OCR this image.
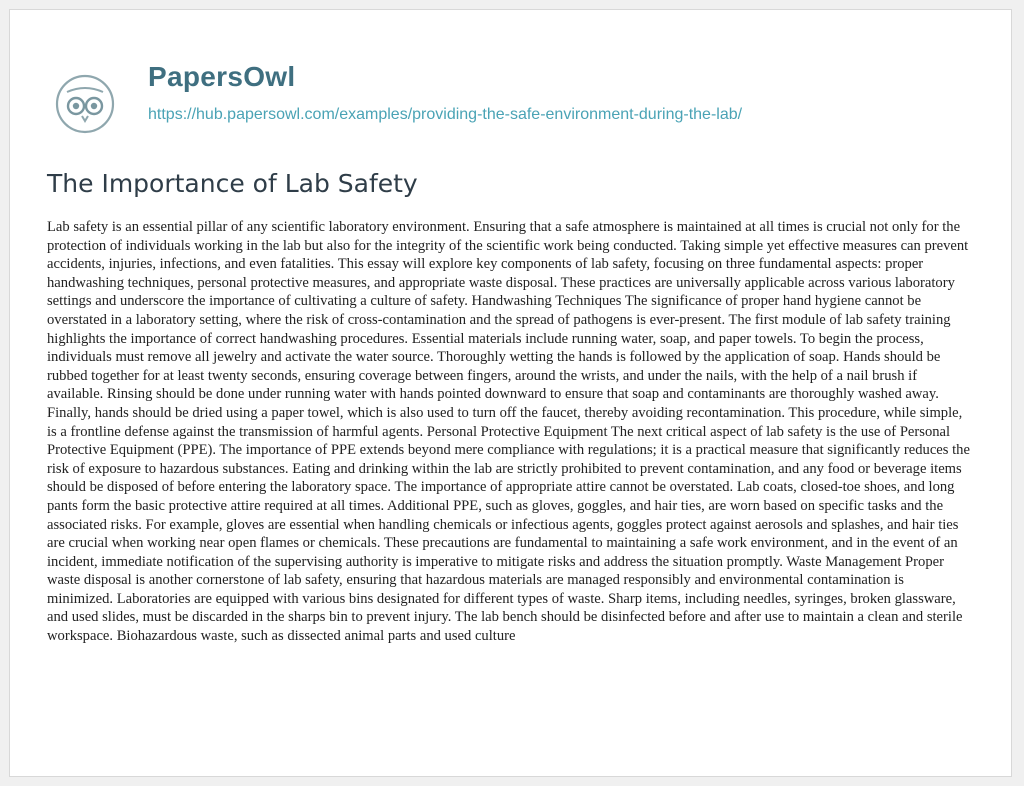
PapersOwl
https://hub.papersowl.com/examples/providing-the-safe-environment-during-the-lab/
The Importance of Lab Safety

Lab safety is an essential pillar of any scientific laboratory environment. Ensuring that a safe atmosphere is maintained at all times is crucial not only for the protection of individuals working in the lab but also for the integrity of the scientific work being conducted. Taking simple yet effective measures can prevent accidents, injuries, infections, and even fatalities. This essay will explore key components of lab safety, focusing on three fundamental aspects: proper handwashing techniques, personal protective measures, and appropriate waste disposal. These practices are universally applicable across various laboratory settings and underscore the importance of cultivating a culture of safety. Handwashing Techniques The significance of proper hand hygiene cannot be overstated in a laboratory setting, where the risk of cross-contamination and the spread of pathogens is ever-present. The first module of lab safety training highlights the importance of correct handwashing procedures. Essential materials include running water, soap, and paper towels. To begin the process, individuals must remove all jewelry and activate the water source. Thoroughly wetting the hands is followed by the application of soap. Hands should be rubbed together for at least twenty seconds, ensuring coverage between fingers, around the wrists, and under the nails, with the help of a nail brush if available. Rinsing should be done under running water with hands pointed downward to ensure that soap and contaminants are thoroughly washed away. Finally, hands should be dried using a paper towel, which is also used to turn off the faucet, thereby avoiding recontamination. This procedure, while simple, is a frontline defense against the transmission of harmful agents. Personal Protective Equipment The next critical aspect of lab safety is the use of Personal Protective Equipment (PPE). The importance of PPE extends beyond mere compliance with regulations; it is a practical measure that significantly reduces the risk of exposure to hazardous substances. Eating and drinking within the lab are strictly prohibited to prevent contamination, and any food or beverage items should be disposed of before entering the laboratory space. The importance of appropriate attire cannot be overstated. Lab coats, closed-toe shoes, and long pants form the basic protective attire required at all times. Additional PPE, such as gloves, goggles, and hair ties, are worn based on specific tasks and the associated risks. For example, gloves are essential when handling chemicals or infectious agents, goggles protect against aerosols and splashes, and hair ties are crucial when working near open flames or chemicals. These precautions are fundamental to maintaining a safe work environment, and in the event of an incident, immediate notification of the supervising authority is imperative to mitigate risks and address the situation promptly. Waste Management Proper waste disposal is another cornerstone of lab safety, ensuring that hazardous materials are managed responsibly and environmental contamination is minimized. Laboratories are equipped with various bins designated for different types of waste. Sharp items, including needles, syringes, broken glassware, and used slides, must be discarded in the sharps bin to prevent injury. The lab bench should be disinfected before and after use to maintain a clean and sterile workspace. Biohazardous waste, such as dissected animal parts and used culture
